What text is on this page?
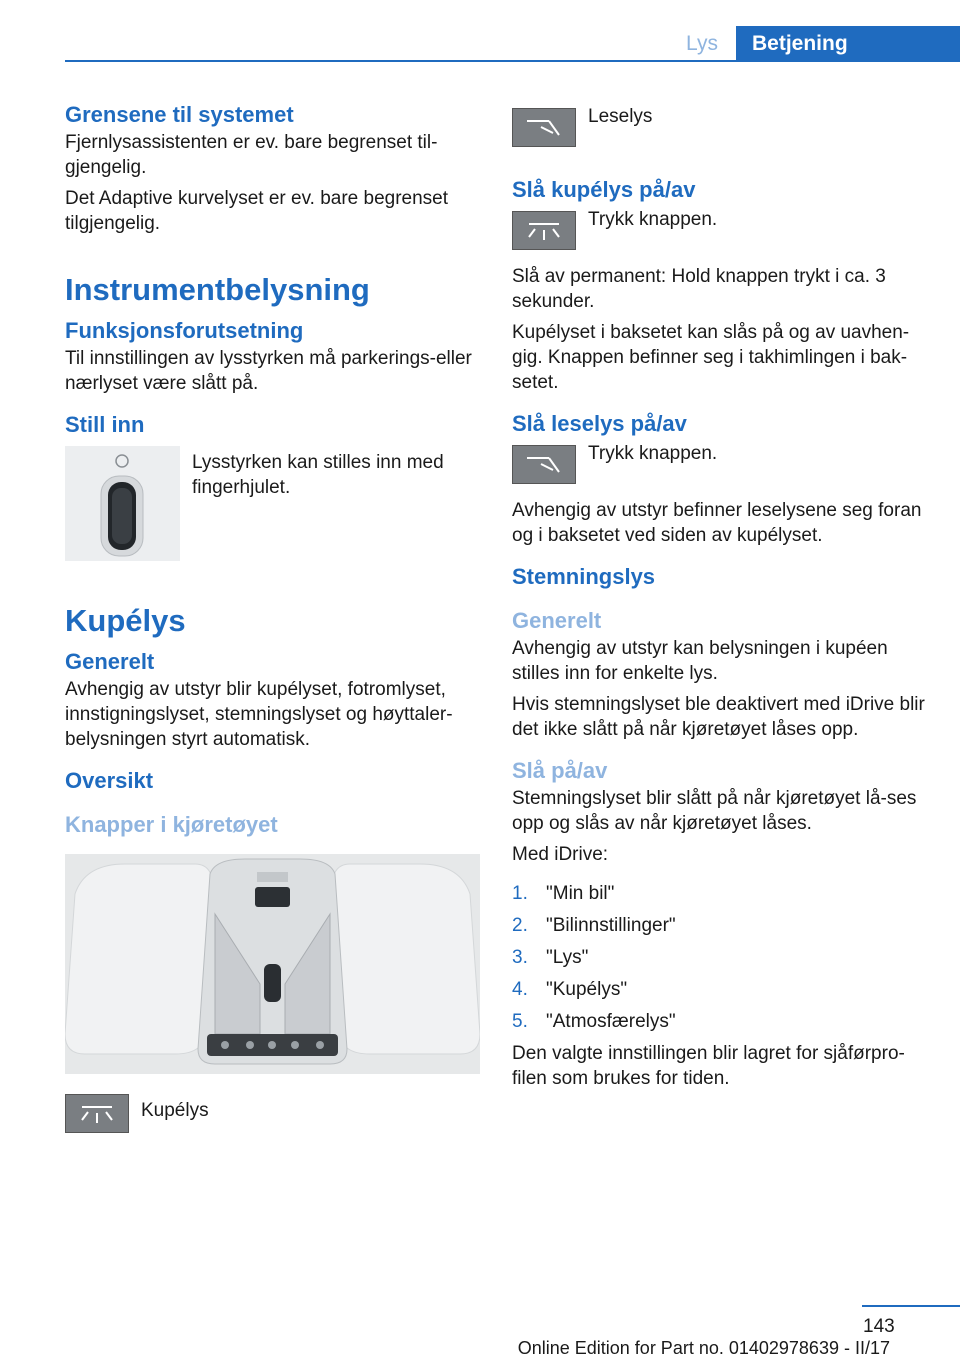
Lys	Betjening
Grensene til systemet

Fjernlysassistenten er ev. bare begrenset til-gjengelig.

Det Adaptive kurvelyset er ev. bare begrenset tilgjengelig.

Instrumentbelysning
Funksjonsforutsetning

Til innstillingen av lysstyrken må parkerings-eller nærlyset være slått på.

Still inn
Lysstyrken kan stilles inn med fingerhjulet.
Kupélys
Generelt

Avhengig av utstyr blir kupélyset, fotromlyset, innstigningslyset, stemningslyset og høyttaler-belysningen styrt automatisk.

Oversikt
Knapper i kjøretøyet
Kupélys
Leselys
Slå kupélys på/av
Trykk knappen.

Slå av permanent: Hold knappen trykt i ca. 3 sekunder.

Kupélyset i baksetet kan slås på og av uavhen-gig. Knappen befinner seg i takhimlingen i bak-setet.

Slå leselys på/av
Trykk knappen.

Avhengig av utstyr befinner leselysene seg foran og i baksetet ved siden av kupélyset.

Stemningslys
Generelt

Avhengig av utstyr kan belysningen i kupéen stilles inn for enkelte lys.

Hvis stemningslyset ble deaktivert med iDrive blir det ikke slått på når kjøretøyet låses opp.

Slå på/av

Stemningslyset blir slått på når kjøretøyet lå-ses opp og slås av når kjøretøyet låses.

Med iDrive:

1. "Min bil"
2. "Bilinnstillinger"
3. "Lys"
4. "Kupélys"
5. "Atmosfærelys"

Den valgte innstillingen blir lagret for sjåførpro-filen som brukes for tiden.

143
Online Edition for Part no. 01402978639 - II/17
